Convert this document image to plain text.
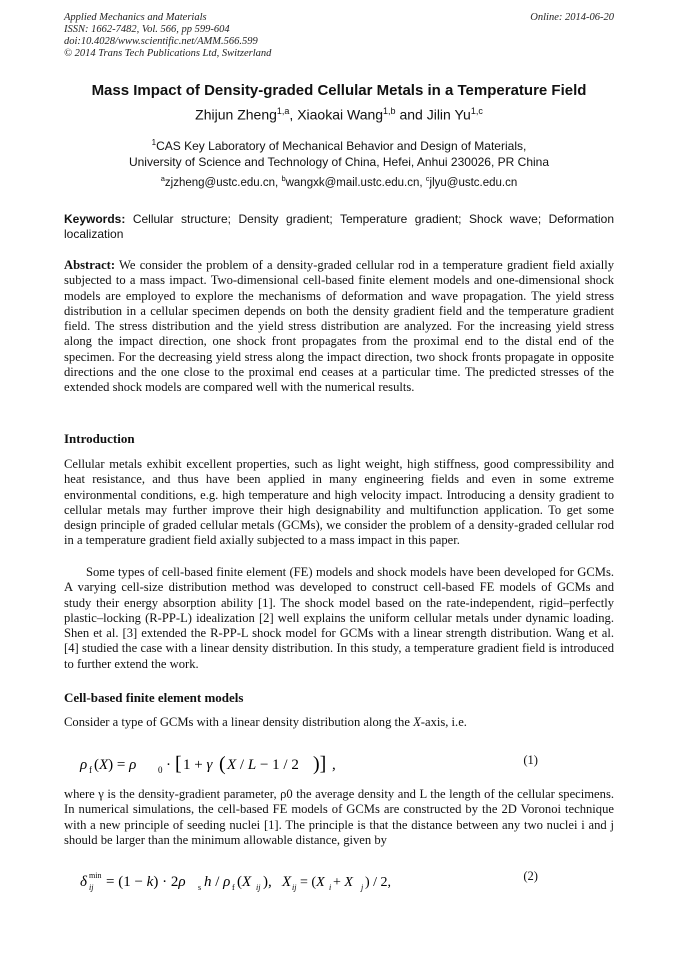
Applied Mechanics and Materials
ISSN: 1662-7482, Vol. 566, pp 599-604
doi:10.4028/www.scientific.net/AMM.566.599
© 2014 Trans Tech Publications Ltd, Switzerland
Online: 2014-06-20
Mass Impact of Density-graded Cellular Metals in a Temperature Field
Zhijun Zheng$^{1,a}$, Xiaokai Wang$^{1,b}$ and Jilin Yu$^{1,c}$
$^1$CAS Key Laboratory of Mechanical Behavior and Design of Materials,
University of Science and Technology of China, Hefei, Anhui 230026, PR China
$^a$zjzheng@ustc.edu.cn, $^b$wangxk@mail.ustc.edu.cn, $^c$jlyu@ustc.edu.cn
Keywords: Cellular structure; Density gradient; Temperature gradient; Shock wave; Deformation localization
Abstract: We consider the problem of a density-graded cellular rod in a temperature gradient field axially subjected to a mass impact. Two-dimensional cell-based finite element models and one-dimensional shock models are employed to explore the mechanisms of deformation and wave propagation. The yield stress distribution in a cellular specimen depends on both the density gradient field and the temperature gradient field. The stress distribution and the yield stress distribution are analyzed. For the increasing yield stress along the impact direction, one shock front propagates from the proximal end to the distal end of the specimen. For the decreasing yield stress along the impact direction, two shock fronts propagate in opposite directions and the one close to the proximal end ceases at a particular time. The predicted stresses of the extended shock models are compared well with the numerical results.
Introduction
Cellular metals exhibit excellent properties, such as light weight, high stiffness, good compressibility and heat resistance, and thus have been applied in many engineering fields and even in some extreme environmental conditions, e.g. high temperature and high velocity impact. Introducing a density gradient to cellular metals may further improve their high designability and multifunction application. To get some design principle of graded cellular metals (GCMs), we consider the problem of a density-graded cellular rod in a temperature gradient field axially subjected to a mass impact in this paper.
Some types of cell-based finite element (FE) models and shock models have been developed for GCMs. A varying cell-size distribution method was developed to construct cell-based FE models of GCMs and study their energy absorption ability [1]. The shock model based on the rate-independent, rigid–perfectly plastic–locking (R-PP-L) idealization [2] well explains the uniform cellular metals under dynamic loading. Shen et al. [3] extended the R-PP-L shock model for GCMs with a linear strength distribution. Wang et al. [4] studied the case with a linear density distribution. In this study, a temperature gradient field is introduced to further extend the work.
Cell-based finite element models
Consider a type of GCMs with a linear density distribution along the X-axis, i.e.
ρ f (X) = ρ 0 · [ 1 + γ ( X / L − 1 / 2 )] ,	(1)
where γ is the density-gradient parameter, ρ0 the average density and L the length of the cellular specimens. In numerical simulations, the cell-based FE models of GCMs are constructed by the 2D Voronoi technique with a new principle of seeding nuclei [1]. The principle is that the distance between any two nuclei i and j should be larger than the minimum allowable distance, given by
δ min
ij = (1 − k) · 2ρ s h / ρ f (X ij ), X ij = (X i + X j ) / 2,	(2)
